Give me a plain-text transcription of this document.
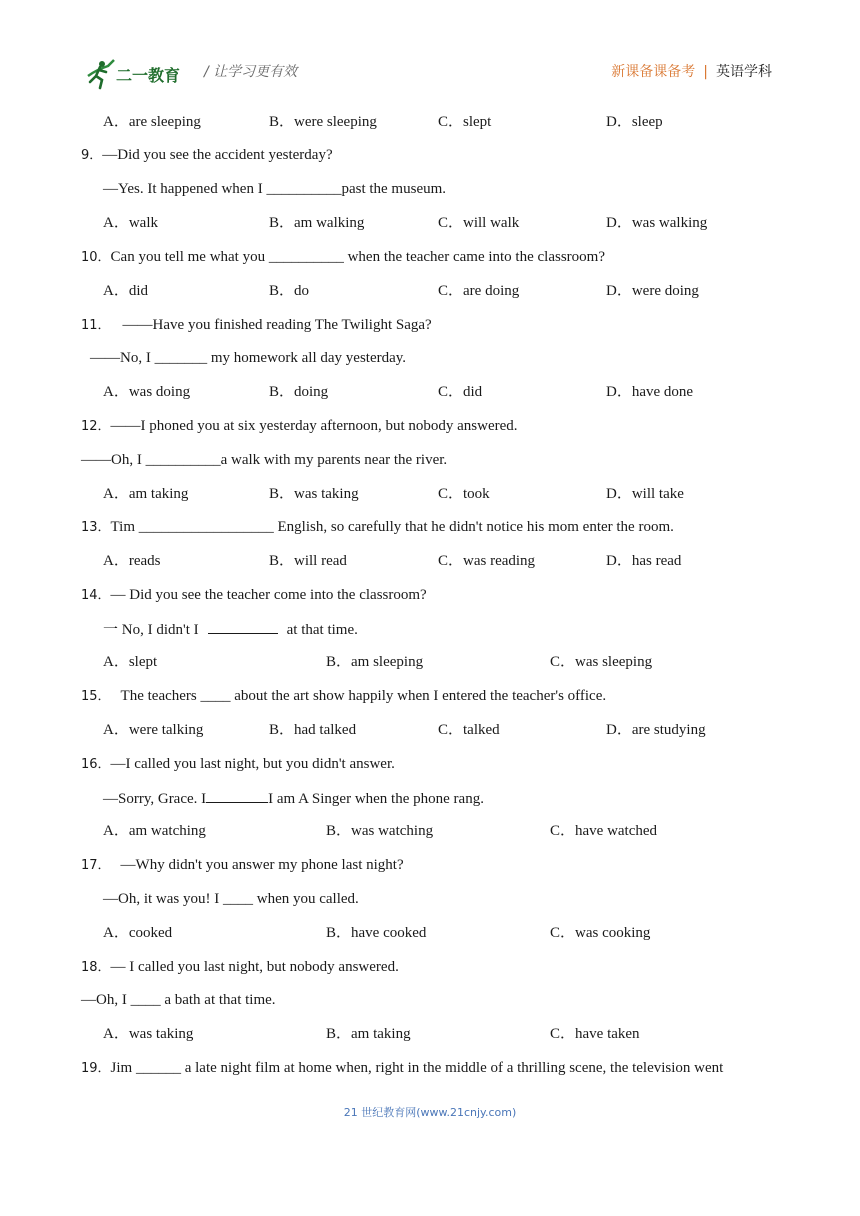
二一教育 / 让学习更有效	新课备课备考 | 英语学科
A．are sleeping	B．were sleeping	C．slept	D．sleep
9．—Did you see the accident yesterday?
—Yes. It happened when I __________past the museum.
A．walk	B．am walking	C．will walk	D．was walking
10．Can you tell me what you __________ when the teacher came into the classroom?
A．did	B．do	C．are doing	D．were doing
11． ——Have you finished reading The Twilight Saga?
——No, I _______ my homework all day yesterday.
A．was doing	B．doing	C．did	D．have done
12．——I phoned you at six yesterday afternoon, but nobody answered.
——Oh, I __________a walk with my parents near the river.
A．am taking	B．was taking	C．took	D．will take
13．Tim __________________ English, so carefully that he didn't notice his mom enter the room.
A．reads	B．will read	C．was reading	D．has read
14．— Did you see the teacher come into the classroom?
一 No, I didn't I	at that time.
A．slept	B．am sleeping	C．was sleeping
15． The teachers ____ about the art show happily when I entered the teacher's office.
A．were talking	B．had talked	C．talked	D．are studying
16．—I called you last night, but you didn't answer.
—Sorry, Grace. I	I am A Singer when the phone rang.
A．am watching	B．was watching	C．have watched
17． —Why didn't you answer my phone last night?
—Oh, it was you! I ____ when you called.
A．cooked	B．have cooked	C．was cooking
18．— I called you last night, but nobody answered.
—Oh, I ____ a bath at that time.
A．was taking	B．am taking	C．have taken
19．Jim ______ a late night film at home when, right in the middle of a thrilling scene, the television went
21 世纪教育网(www.21cnjy.com)
